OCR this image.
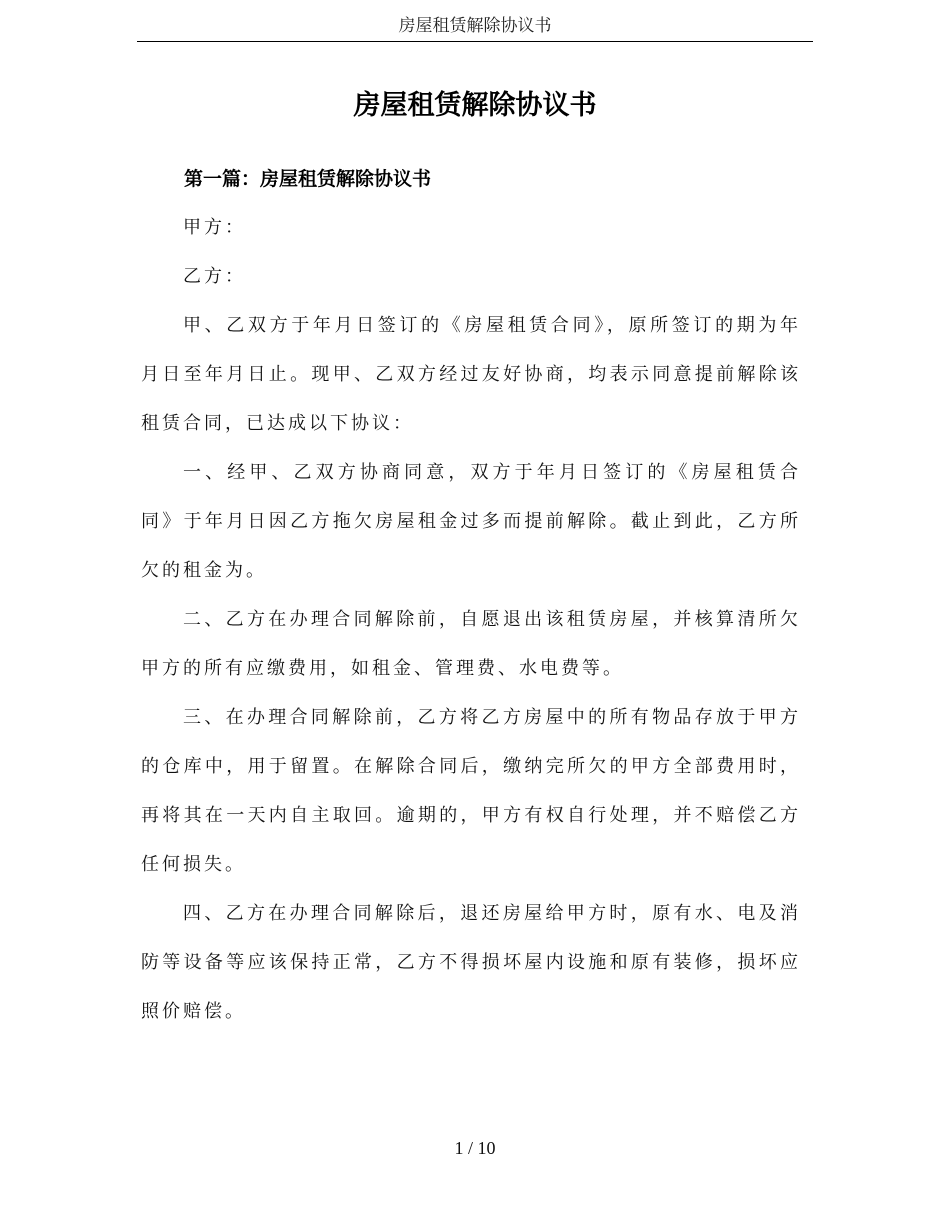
房屋租赁解除协议书
房屋租赁解除协议书
第一篇：房屋租赁解除协议书

甲方：

乙方：

甲、乙双方于年月日签订的《房屋租赁合同》，原所签订的期为年月日至年月日止。现甲、乙双方经过友好协商，均表示同意提前解除该租赁合同，已达成以下协议：

一、经甲、乙双方协商同意，双方于年月日签订的《房屋租赁合同》于年月日因乙方拖欠房屋租金过多而提前解除。截止到此，乙方所欠的租金为。

二、乙方在办理合同解除前，自愿退出该租赁房屋，并核算清所欠甲方的所有应缴费用，如租金、管理费、水电费等。

三、在办理合同解除前，乙方将乙方房屋中的所有物品存放于甲方的仓库中，用于留置。在解除合同后，缴纳完所欠的甲方全部费用时，再将其在一天内自主取回。逾期的，甲方有权自行处理，并不赔偿乙方任何损失。

四、乙方在办理合同解除后，退还房屋给甲方时，原有水、电及消防等设备等应该保持正常，乙方不得损坏屋内设施和原有装修，损坏应照价赔偿。

1 / 10
